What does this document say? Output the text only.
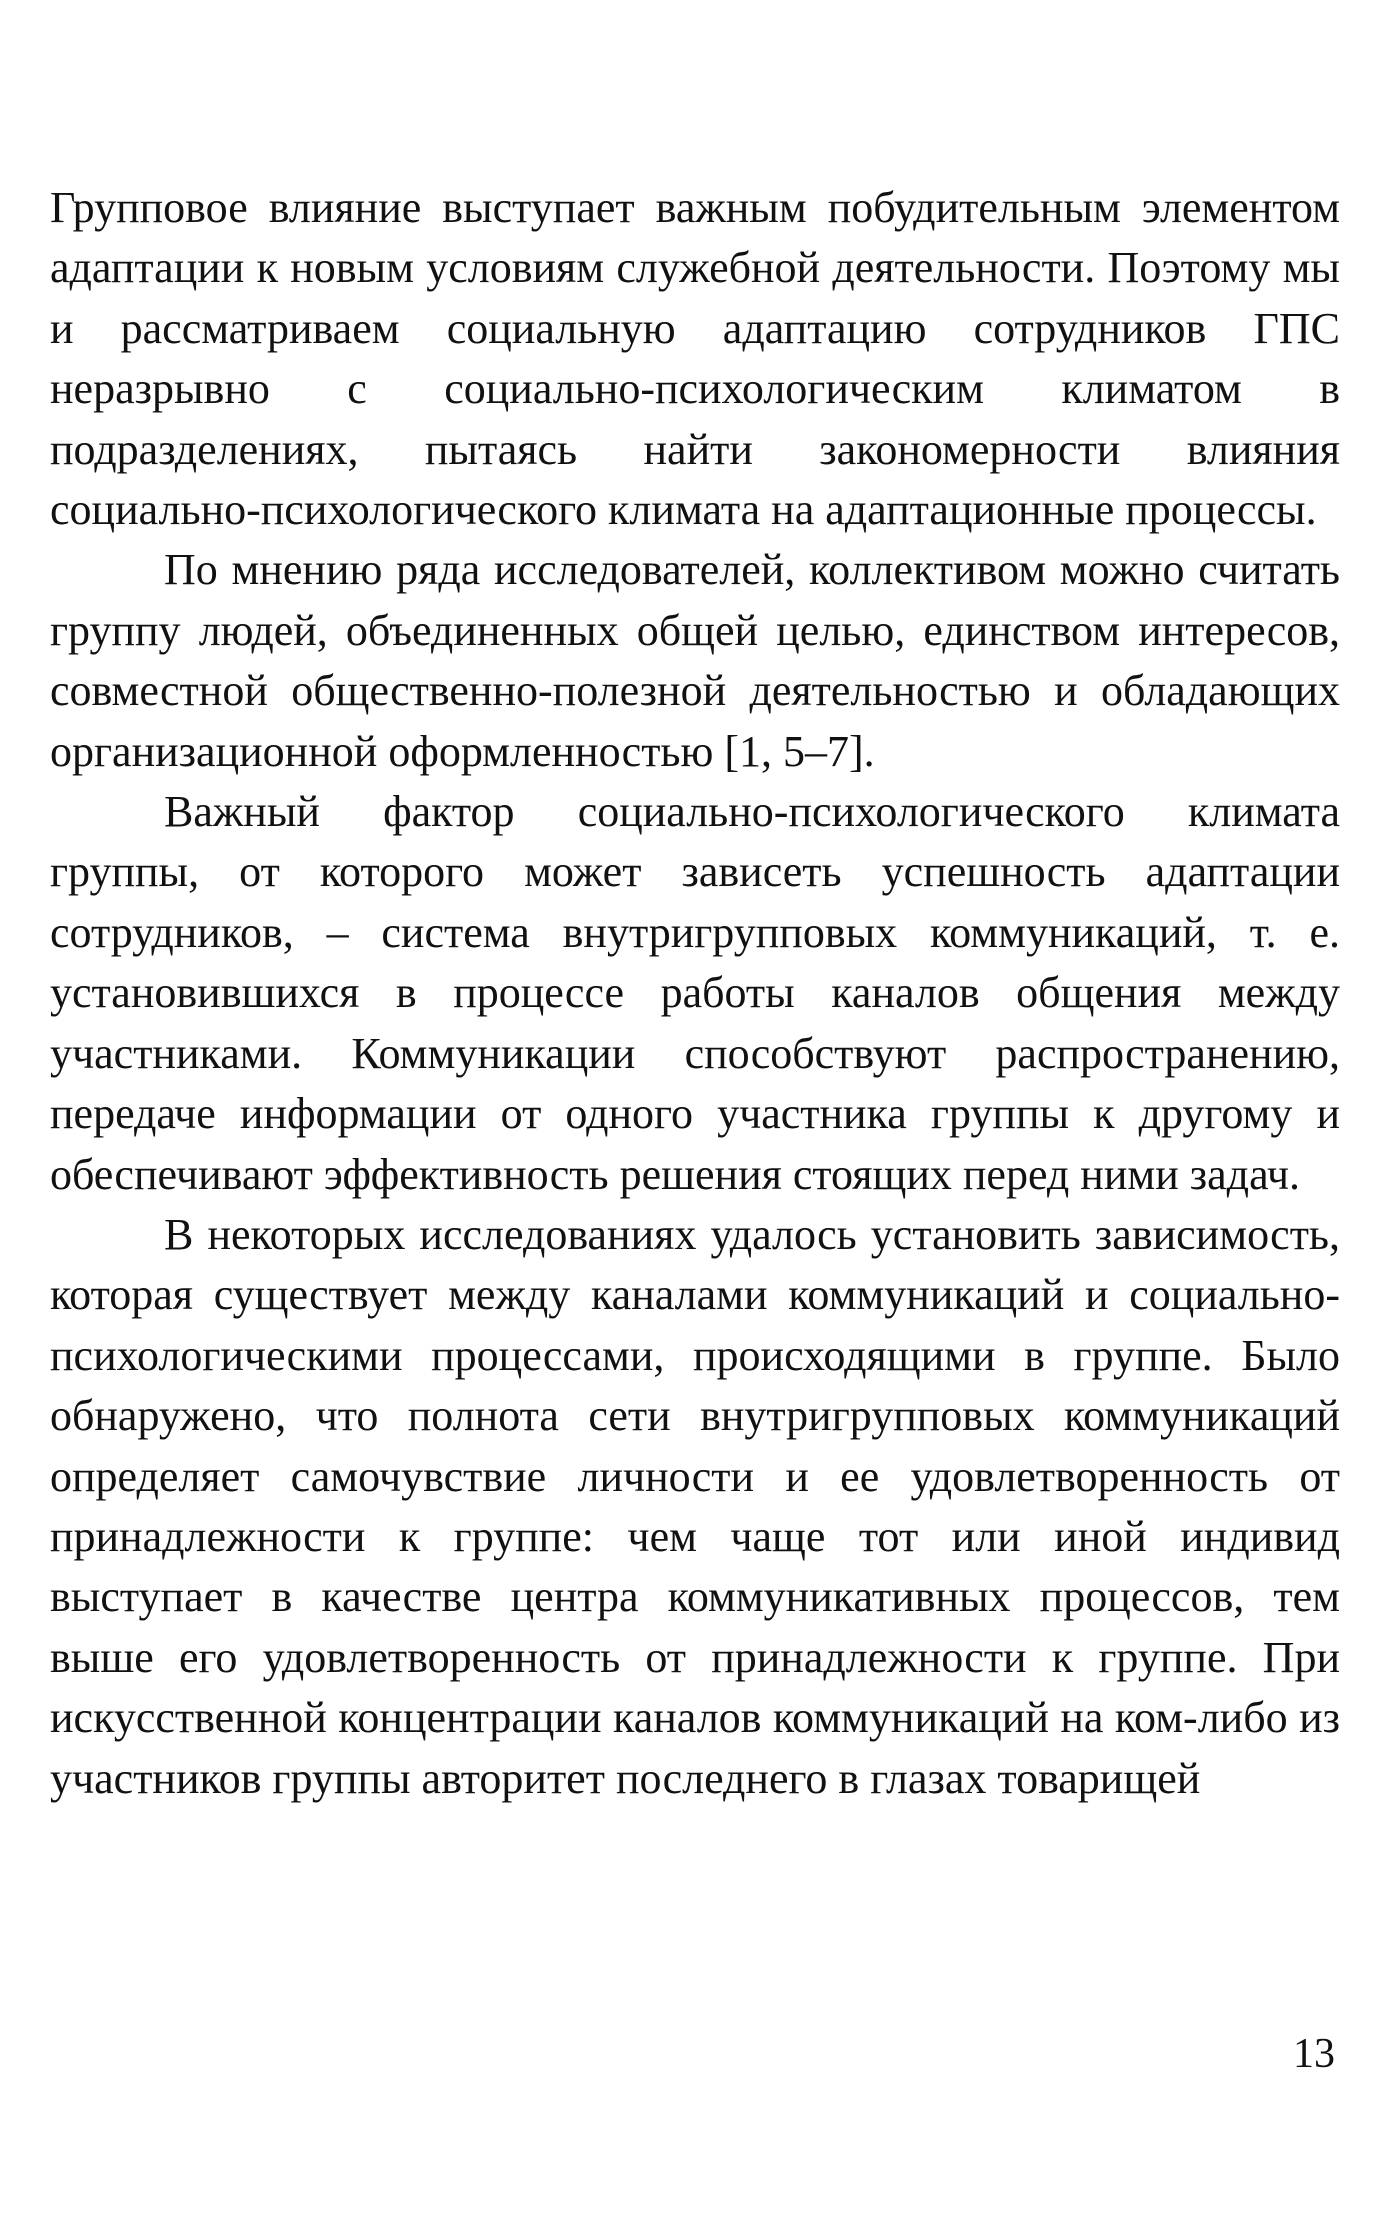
Групповое влияние выступает важным побудительным элементом адаптации к новым условиям служебной деятельности. Поэтому мы и рассматриваем социальную адаптацию сотрудников ГПС неразрывно с социально-психологическим климатом в подразделениях, пытаясь найти закономерности влияния социально-психологического климата на адаптационные процессы.

По мнению ряда исследователей, коллективом можно считать группу людей, объединенных общей целью, единством интересов, совместной общественно-полезной деятельностью и обладающих организационной оформленностью [1, 5–7].

Важный фактор социально-психологического климата группы, от которого может зависеть успешность адаптации сотрудников, – система внутригрупповых коммуникаций, т. е. установившихся в процессе работы каналов общения между участниками. Коммуникации способствуют распространению, передаче информации от одного участника группы к другому и обеспечивают эффективность решения стоящих перед ними задач.

В некоторых исследованиях удалось установить зависимость, которая существует между каналами коммуникаций и социально-психологическими процессами, происходящими в группе. Было обнаружено, что полнота сети внутригрупповых коммуникаций определяет самочувствие личности и ее удовлетворенность от принадлежности к группе: чем чаще тот или иной индивид выступает в качестве центра коммуникативных процессов, тем выше его удовлетворенность от принадлежности к группе. При искусственной концентрации каналов коммуникаций на ком-либо из участников группы авторитет последнего в глазах товарищей

13
